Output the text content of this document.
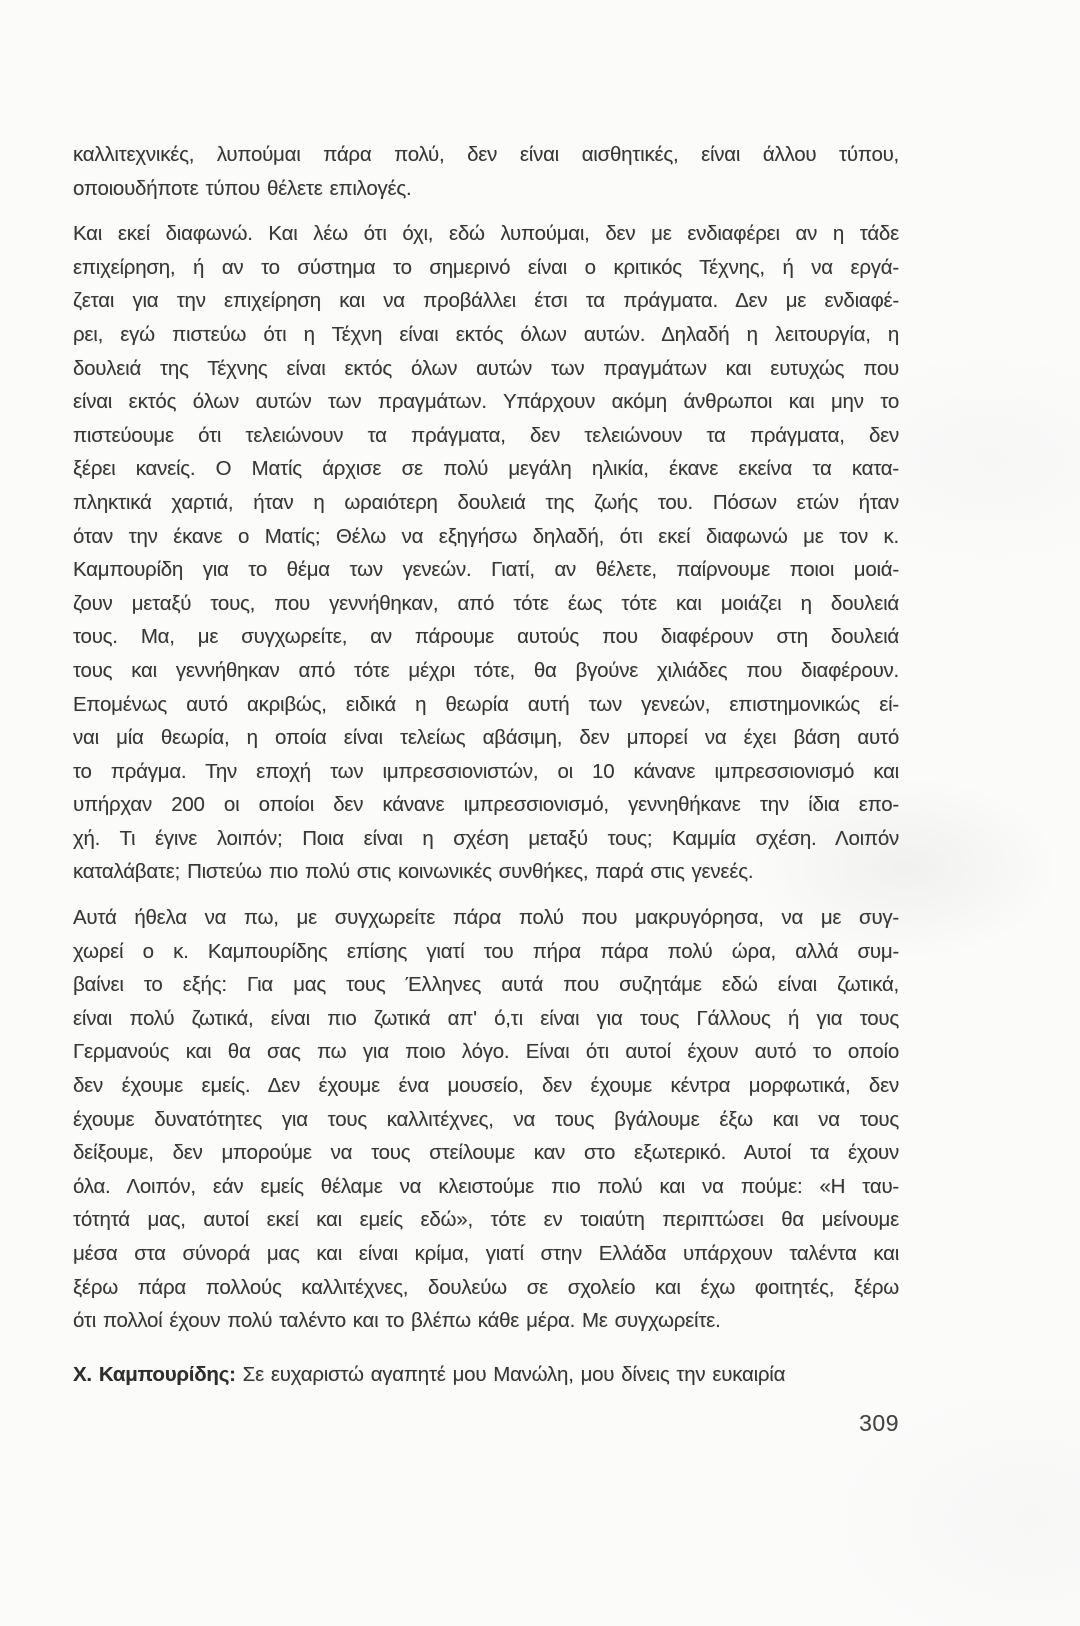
καλλιτεχνικές, λυπούμαι πάρα πολύ, δεν είναι αισθητικές, είναι άλλου τύπου,
οποιουδήποτε τύπου θέλετε επιλογές.
Και εκεί διαφωνώ. Και λέω ότι όχι, εδώ λυπούμαι, δεν με ενδιαφέρει αν η τάδε
επιχείρηση, ή αν το σύστημα το σημερινό είναι ο κριτικός Τέχνης, ή να εργά-
ζεται για την επιχείρηση και να προβάλλει έτσι τα πράγματα. Δεν με ενδιαφέ-
ρει, εγώ πιστεύω ότι η Τέχνη είναι εκτός όλων αυτών. Δηλαδή η λειτουργία, η
δουλειά της Τέχνης είναι εκτός όλων αυτών των πραγμάτων και ευτυχώς που
είναι εκτός όλων αυτών των πραγμάτων. Υπάρχουν ακόμη άνθρωποι και μην το
πιστεύουμε ότι τελειώνουν τα πράγματα, δεν τελειώνουν τα πράγματα, δεν
ξέρει κανείς. Ο Ματίς άρχισε σε πολύ μεγάλη ηλικία, έκανε εκείνα τα κατα-
πληκτικά χαρτιά, ήταν η ωραιότερη δουλειά της ζωής του. Πόσων ετών ήταν
όταν την έκανε ο Ματίς; Θέλω να εξηγήσω δηλαδή, ότι εκεί διαφωνώ με τον κ.
Καμπουρίδη για το θέμα των γενεών. Γιατί, αν θέλετε, παίρνουμε ποιοι μοιά-
ζουν μεταξύ τους, που γεννήθηκαν, από τότε έως τότε και μοιάζει η δουλειά
τους. Μα, με συγχωρείτε, αν πάρουμε αυτούς που διαφέρουν στη δουλειά
τους και γεννήθηκαν από τότε μέχρι τότε, θα βγούνε χιλιάδες που διαφέρουν.
Επομένως αυτό ακριβώς, ειδικά η θεωρία αυτή των γενεών, επιστημονικώς εί-
ναι μία θεωρία, η οποία είναι τελείως αβάσιμη, δεν μπορεί να έχει βάση αυτό
το πράγμα. Την εποχή των ιμπρεσσιονιστών, οι 10 κάνανε ιμπρεσσιονισμό και
υπήρχαν 200 οι οποίοι δεν κάνανε ιμπρεσσιονισμό, γεννηθήκανε την ίδια επο-
χή. Τι έγινε λοιπόν; Ποια είναι η σχέση μεταξύ τους; Καμμία σχέση. Λοιπόν
καταλάβατε; Πιστεύω πιο πολύ στις κοινωνικές συνθήκες, παρά στις γενεές.
Αυτά ήθελα να πω, με συγχωρείτε πάρα πολύ που μακρυγόρησα, να με συγ-
χωρεί ο κ. Καμπουρίδης επίσης γιατί του πήρα πάρα πολύ ώρα, αλλά συμ-
βαίνει το εξής: Για μας τους Έλληνες αυτά που συζητάμε εδώ είναι ζωτικά,
είναι πολύ ζωτικά, είναι πιο ζωτικά απ' ό,τι είναι για τους Γάλλους ή για τους
Γερμανούς και θα σας πω για ποιο λόγο. Είναι ότι αυτοί έχουν αυτό το οποίο
δεν έχουμε εμείς. Δεν έχουμε ένα μουσείο, δεν έχουμε κέντρα μορφωτικά, δεν
έχουμε δυνατότητες για τους καλλιτέχνες, να τους βγάλουμε έξω και να τους
δείξουμε, δεν μπορούμε να τους στείλουμε καν στο εξωτερικό. Αυτοί τα έχουν
όλα. Λοιπόν, εάν εμείς θέλαμε να κλειστούμε πιο πολύ και να πούμε: «Η ταυ-
τότητά μας, αυτοί εκεί και εμείς εδώ», τότε εν τοιαύτη περιπτώσει θα μείνουμε
μέσα στα σύνορά μας και είναι κρίμα, γιατί στην Ελλάδα υπάρχουν ταλέντα και
ξέρω πάρα πολλούς καλλιτέχνες, δουλεύω σε σχολείο και έχω φοιτητές, ξέρω
ότι πολλοί έχουν πολύ ταλέντο και το βλέπω κάθε μέρα. Με συγχωρείτε.
Χ. Καμπουρίδης: Σε ευχαριστώ αγαπητέ μου Μανώλη, μου δίνεις την ευκαιρία
309
